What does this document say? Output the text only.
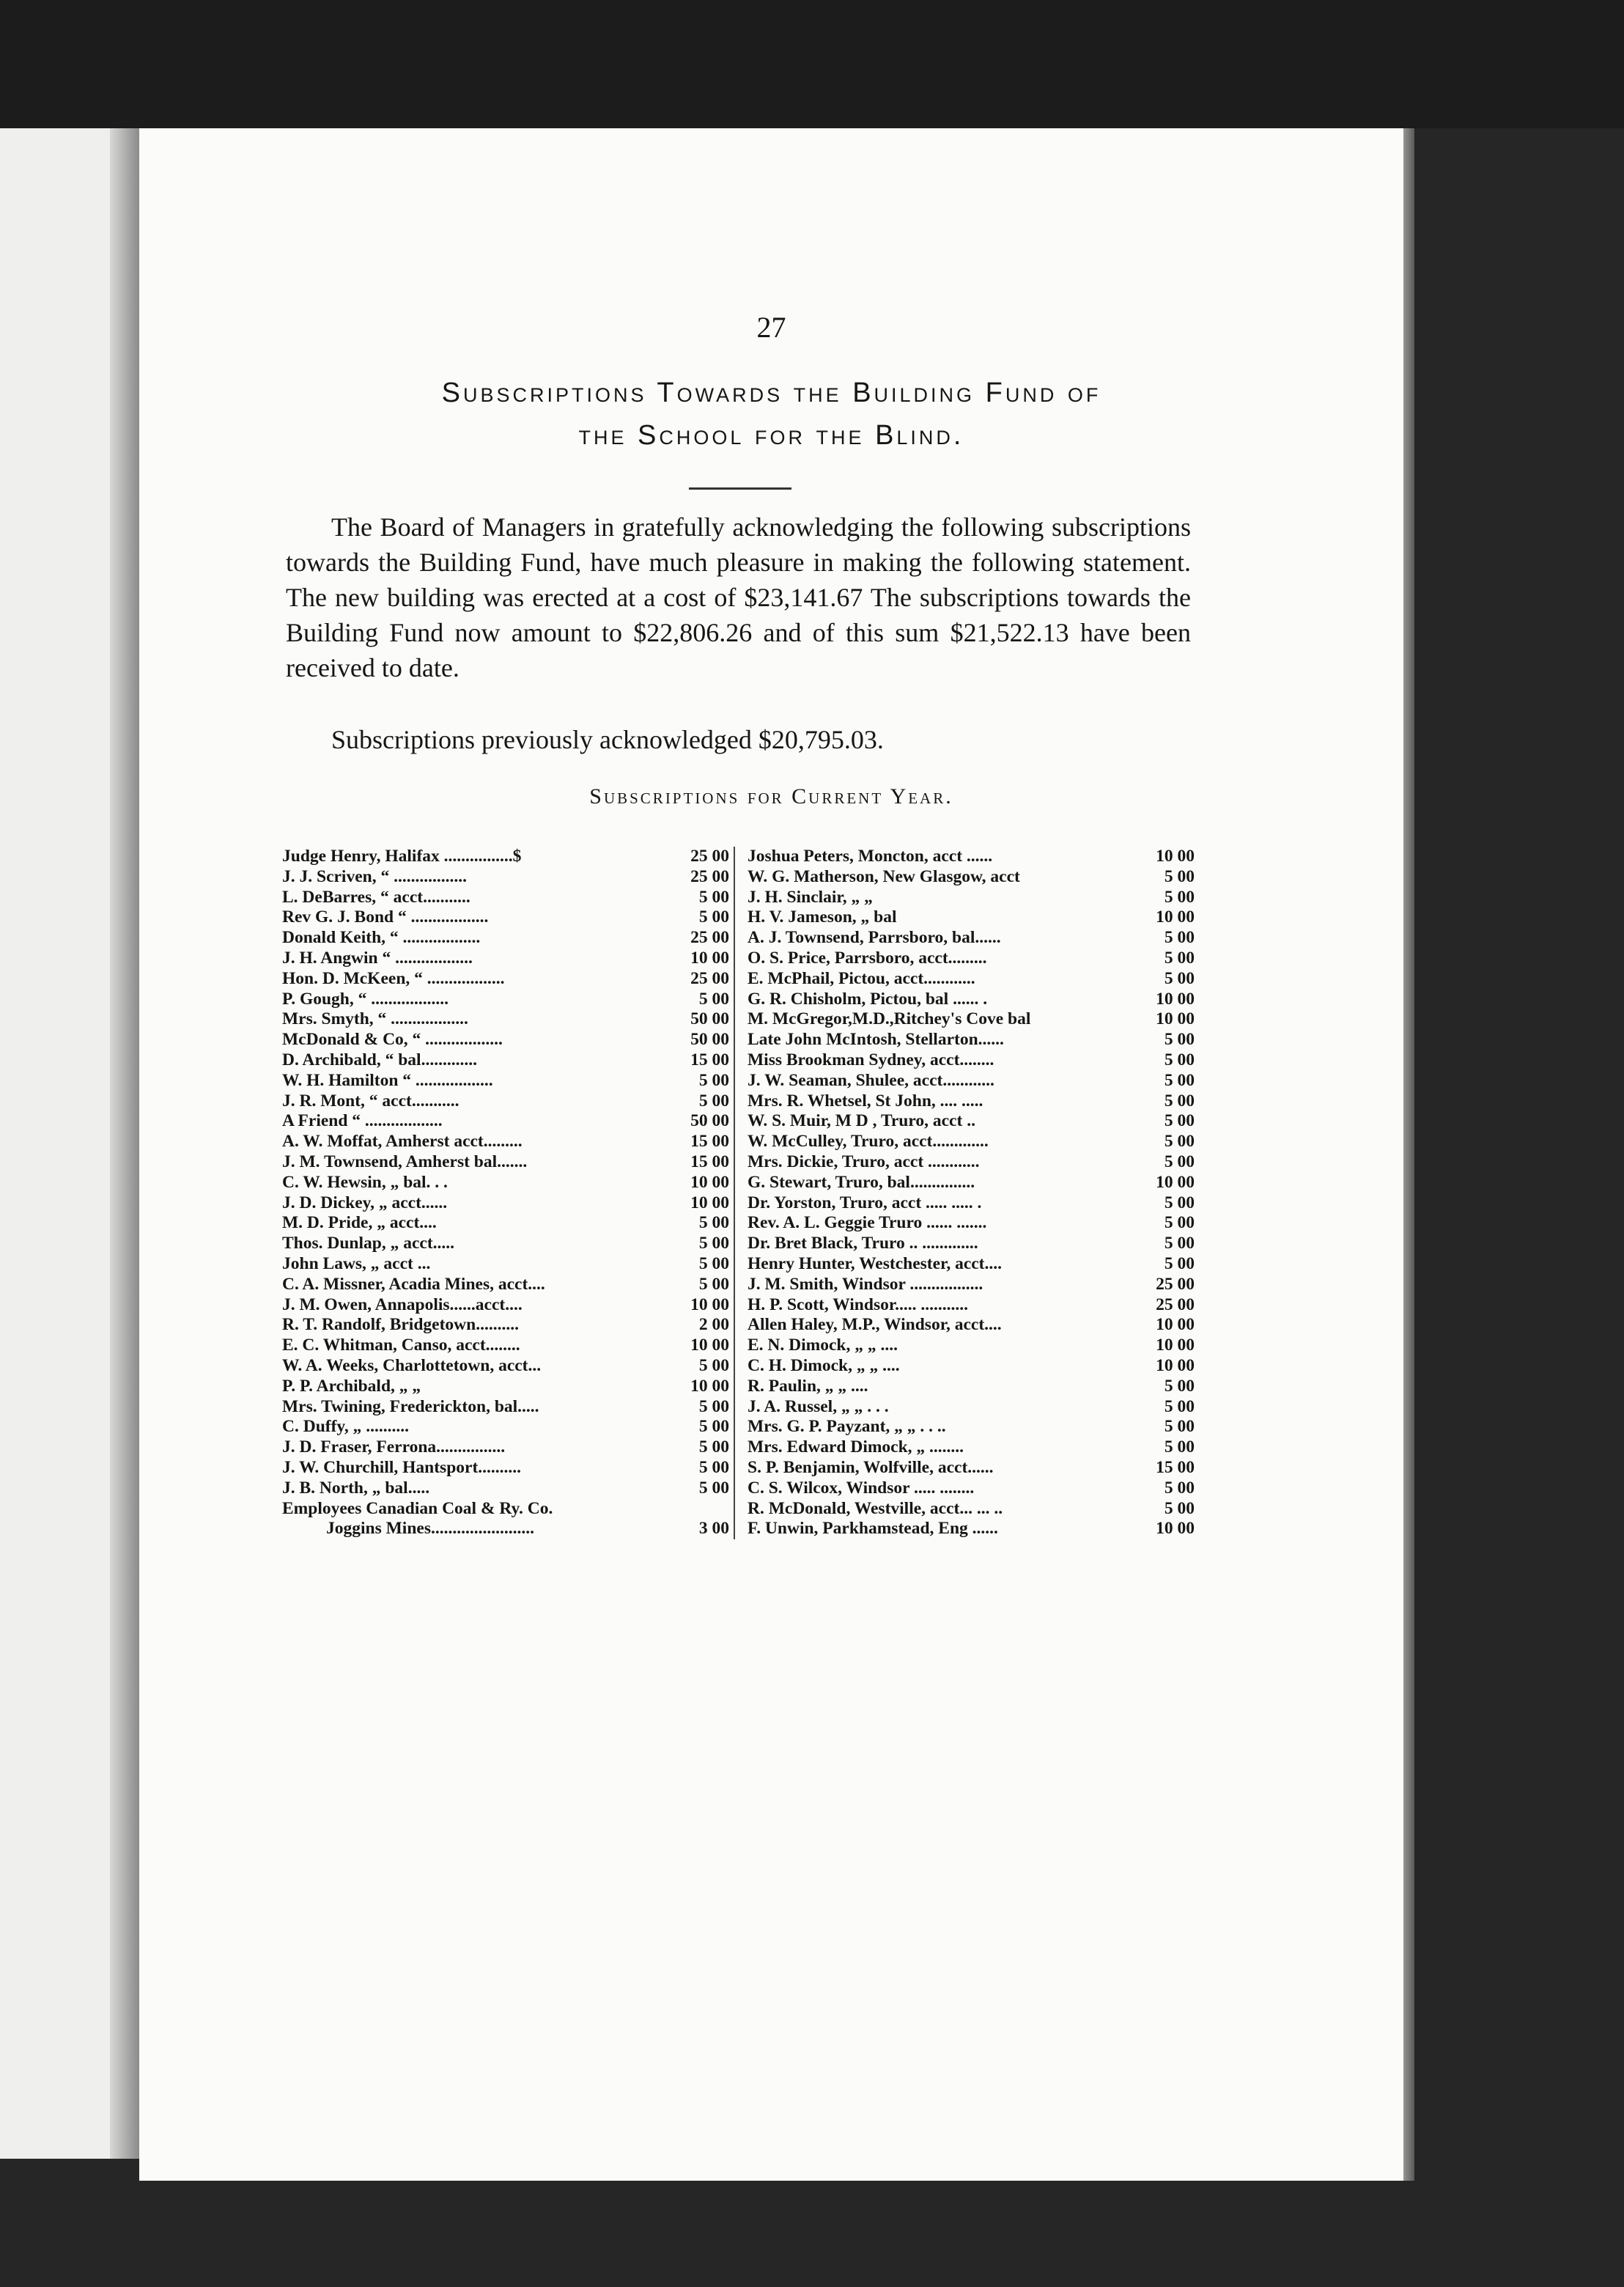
27
Subscriptions Towards the Building Fund of
the School for the Blind.
The Board of Managers in gratefully acknowledging the following subscriptions towards the Building Fund, have much pleasure in making the following statement. The new building was erected at a cost of $23,141.67 The subscriptions towards the Building Fund now amount to $22,806.26 and of this sum $21,522.13 have been received to date.
Subscriptions previously acknowledged $20,795.03.
Subscriptions for Current Year.
Judge Henry, Halifax ................$	25 00
J. J. Scriven, “ .................	25 00
L. DeBarres, “ acct...........	5 00
Rev G. J. Bond “ ..................	5 00
Donald Keith, “ ..................	25 00
J. H. Angwin “ ..................	10 00
Hon. D. McKeen, “ ..................	25 00
P. Gough, “ ..................	5 00
Mrs. Smyth, “ ..................	50 00
McDonald & Co, “ ..................	50 00
D. Archibald, “ bal.............	15 00
W. H. Hamilton “ ..................	5 00
J. R. Mont, “ acct...........	5 00
A Friend “ ..................	50 00
A. W. Moffat, Amherst acct.........	15 00
J. M. Townsend, Amherst bal.......	15 00
C. W. Hewsin, „ bal. . .	10 00
J. D. Dickey, „ acct......	10 00
M. D. Pride, „ acct....	5 00
Thos. Dunlap, „ acct.....	5 00
John Laws, „ acct ...	5 00
C. A. Missner, Acadia Mines, acct....	5 00
J. M. Owen, Annapolis......acct....	10 00
R. T. Randolf, Bridgetown..........	2 00
E. C. Whitman, Canso, acct........	10 00
W. A. Weeks, Charlottetown, acct...	5 00
P. P. Archibald, „ „	10 00
Mrs. Twining, Frederickton, bal.....	5 00
C. Duffy, „ ..........	5 00
J. D. Fraser, Ferrona................	5 00
J. W. Churchill, Hantsport..........	5 00
J. B. North, „ bal.....	5 00
Employees Canadian Coal & Ry. Co.
Joggins Mines........................	3 00
Joshua Peters, Moncton, acct ......	10 00
W. G. Matherson, New Glasgow, acct	5 00
J. H. Sinclair, „ „	5 00
H. V. Jameson, „ bal	10 00
A. J. Townsend, Parrsboro, bal......	5 00
O. S. Price, Parrsboro, acct.........	5 00
E. McPhail, Pictou, acct............	5 00
G. R. Chisholm, Pictou, bal ...... .	10 00
M. McGregor,M.D.,Ritchey's Cove bal	10 00
Late John McIntosh, Stellarton......	5 00
Miss Brookman Sydney, acct........	5 00
J. W. Seaman, Shulee, acct............	5 00
Mrs. R. Whetsel, St John, .... .....	5 00
W. S. Muir, M D , Truro, acct ..	5 00
W. McCulley, Truro, acct.............	5 00
Mrs. Dickie, Truro, acct ............	5 00
G. Stewart, Truro, bal...............	10 00
Dr. Yorston, Truro, acct ..... ..... .	5 00
Rev. A. L. Geggie Truro ...... .......	5 00
Dr. Bret Black, Truro .. .............	5 00
Henry Hunter, Westchester, acct....	5 00
J. M. Smith, Windsor .................	25 00
H. P. Scott, Windsor..... ...........	25 00
Allen Haley, M.P., Windsor, acct....	10 00
E. N. Dimock, „ „ ....	10 00
C. H. Dimock, „ „ ....	10 00
R. Paulin, „ „ ....	5 00
J. A. Russel, „ „ . . .	5 00
Mrs. G. P. Payzant, „ „ . . ..	5 00
Mrs. Edward Dimock, „ ........	5 00
S. P. Benjamin, Wolfville, acct......	15 00
C. S. Wilcox, Windsor ..... ........	5 00
R. McDonald, Westville, acct... ... ..	5 00
F. Unwin, Parkhamstead, Eng ......	10 00
